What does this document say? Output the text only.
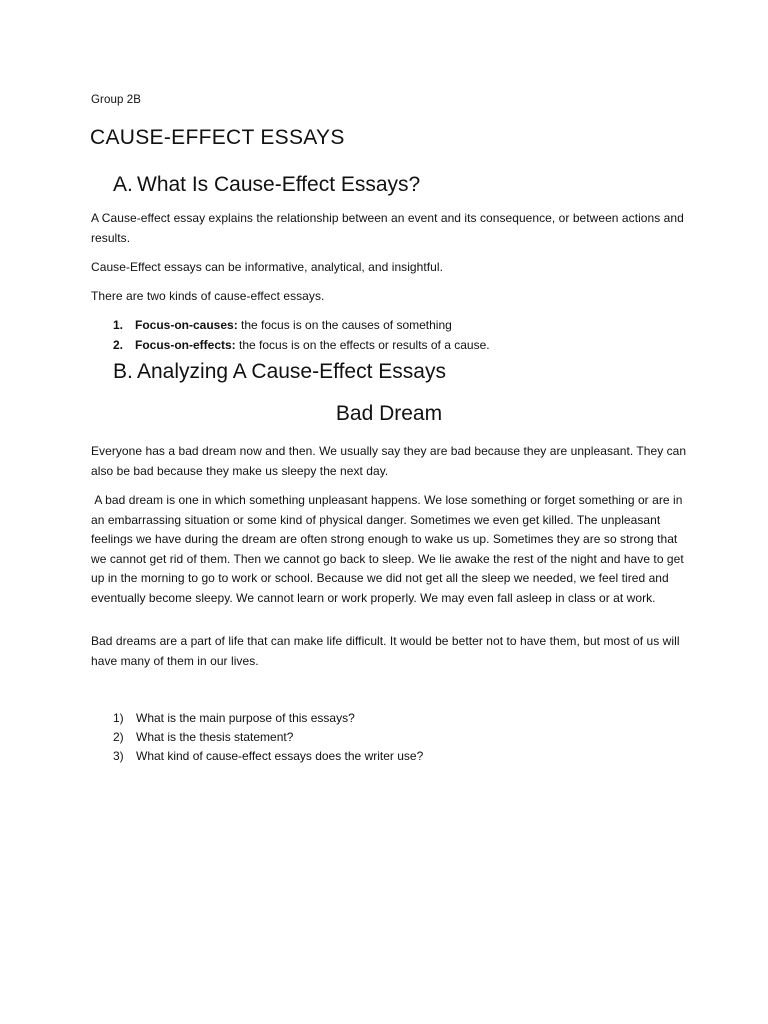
Group 2B
CAUSE-EFFECT ESSAYS
A. What Is Cause-Effect Essays?

A Cause-effect essay explains the relationship between an event and its consequence, or between actions and results.

Cause-Effect essays can be informative, analytical, and insightful.

There are two kinds of cause-effect essays.

1. Focus-on-causes: the focus is on the causes of something
2. Focus-on-effects: the focus is on the effects or results of a cause.
B. Analyzing A Cause-Effect Essays
Bad Dream

Everyone has a bad dream now and then. We usually say they are bad because they are unpleasant. They can also be bad because they make us sleepy the next day.

A bad dream is one in which something unpleasant happens. We lose something or forget something or are in an embarrassing situation or some kind of physical danger. Sometimes we even get killed. The unpleasant feelings we have during the dream are often strong enough to wake us up. Sometimes they are so strong that we cannot get rid of them. Then we cannot go back to sleep. We lie awake the rest of the night and have to get up in the morning to go to work or school. Because we did not get all the sleep we needed, we feel tired and eventually become sleepy. We cannot learn or work properly. We may even fall asleep in class or at work.

Bad dreams are a part of life that can make life difficult. It would be better not to have them, but most of us will have many of them in our lives.

1)	What is the main purpose of this essays?
2)	What is the thesis statement?
3)	What kind of cause-effect essays does the writer use?
